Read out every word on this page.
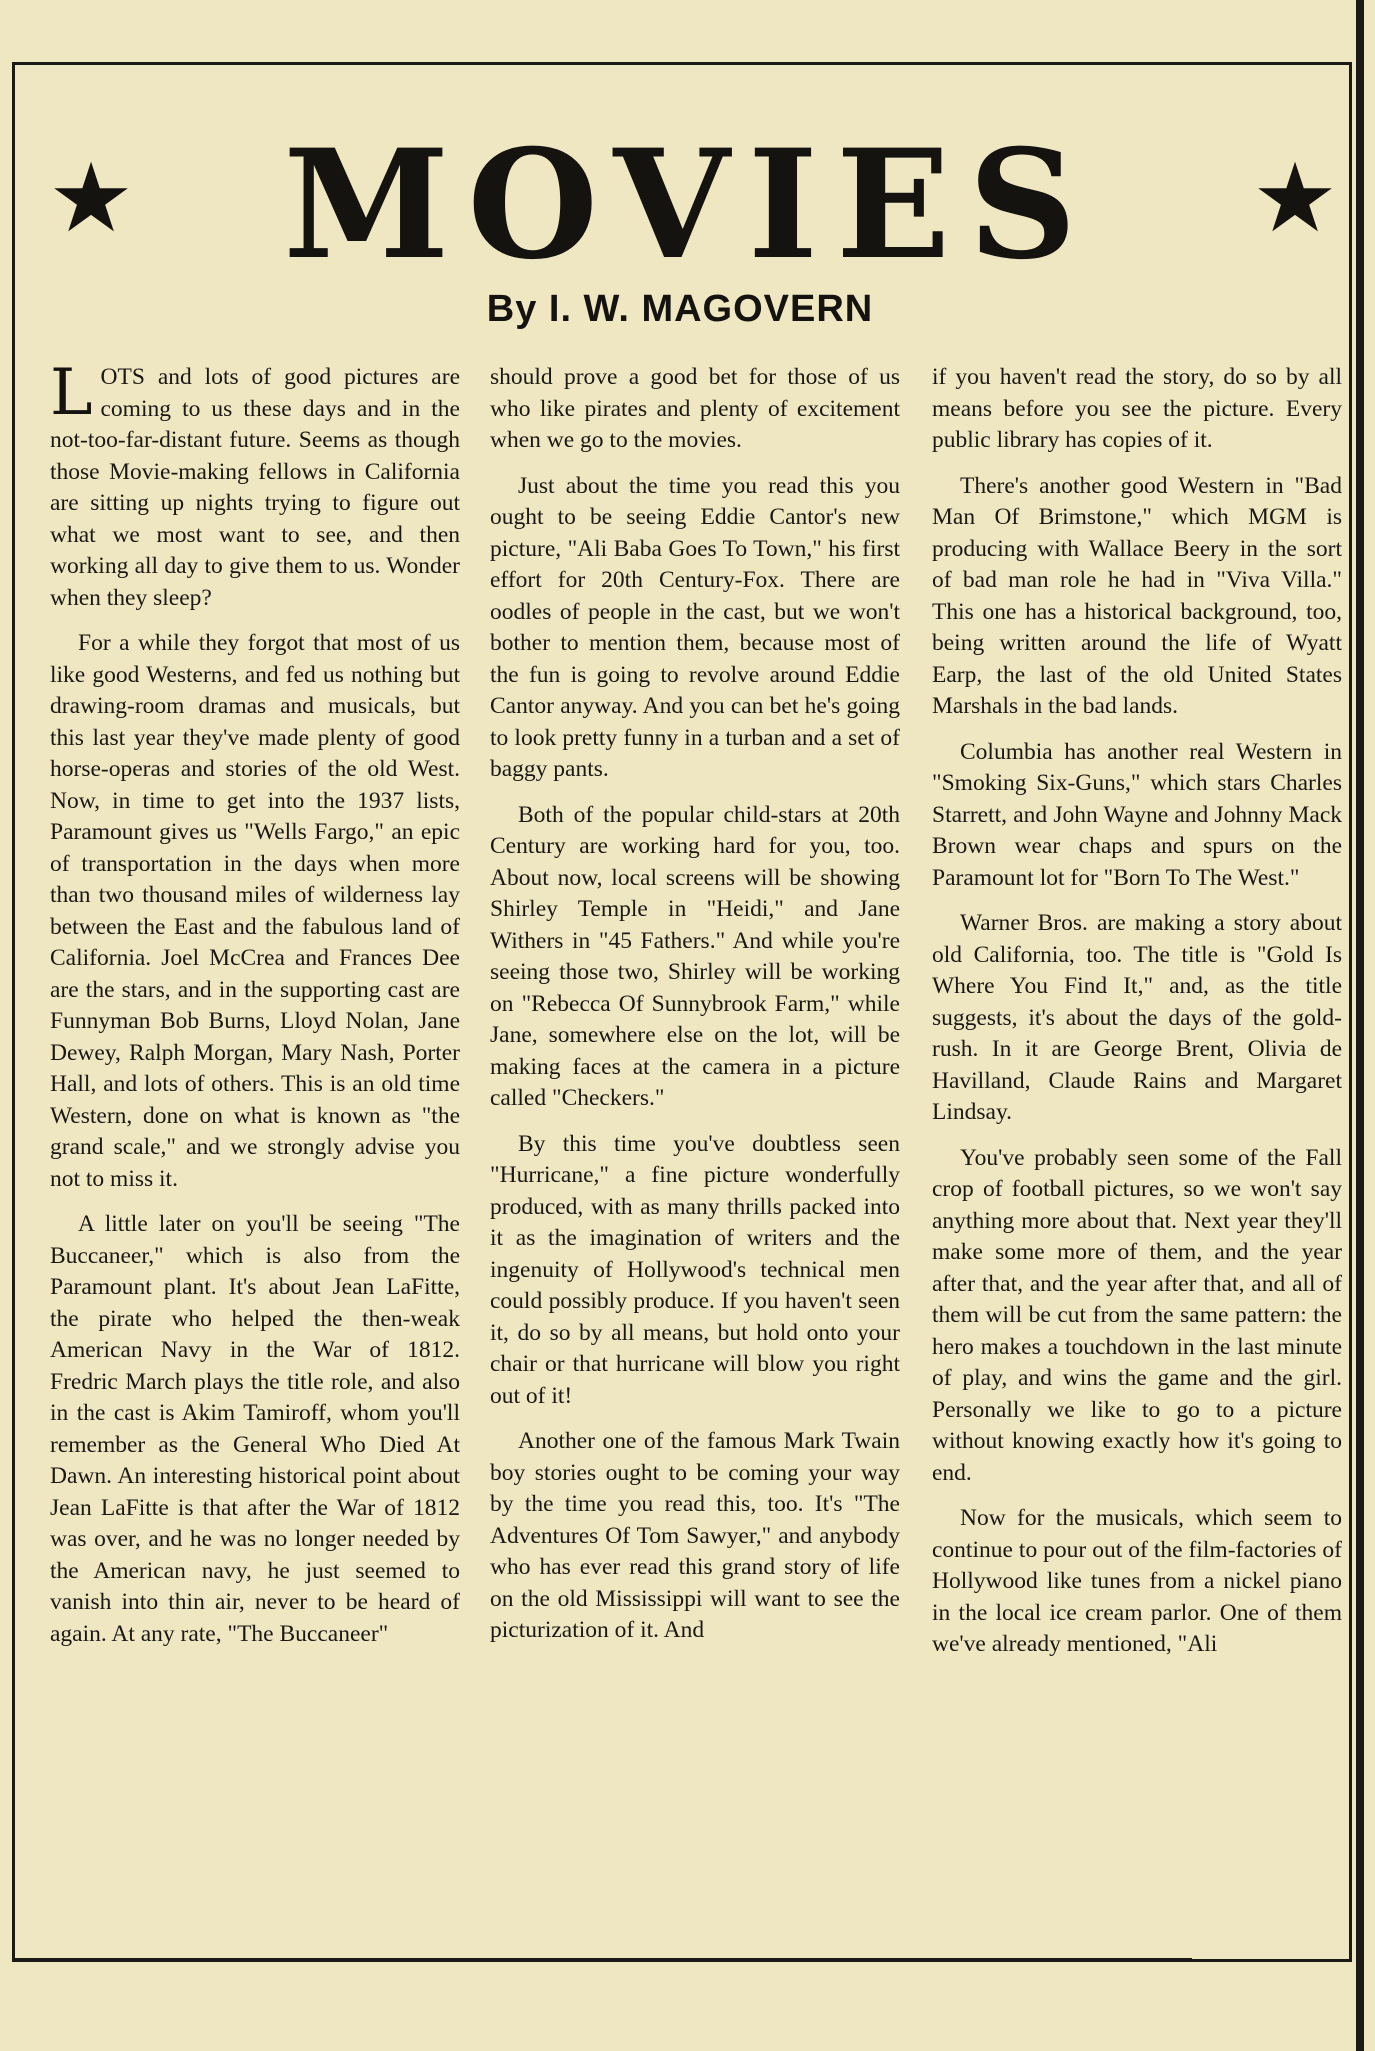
★ MOVIES	★
By I. W. MAGOVERN

LOTS and lots of good pictures are coming to us these days and in the not-too-far-distant future. Seems as though those Movie-making fellows in California are sitting up nights trying to figure out what we most want to see, and then working all day to give them to us. Wonder when they sleep?

For a while they forgot that most of us like good Westerns, and fed us nothing but drawing-room dramas and musicals, but this last year they've made plenty of good horse-operas and stories of the old West. Now, in time to get into the 1937 lists, Paramount gives us "Wells Fargo," an epic of transportation in the days when more than two thousand miles of wilderness lay between the East and the fabulous land of California. Joel McCrea and Frances Dee are the stars, and in the supporting cast are Funnyman Bob Burns, Lloyd Nolan, Jane Dewey, Ralph Morgan, Mary Nash, Porter Hall, and lots of others. This is an old time Western, done on what is known as "the grand scale," and we strongly advise you not to miss it.

A little later on you'll be seeing "The Buccaneer," which is also from the Paramount plant. It's about Jean LaFitte, the pirate who helped the then-weak American Navy in the War of 1812. Fredric March plays the title role, and also in the cast is Akim Tamiroff, whom you'll remember as the General Who Died At Dawn. An interesting historical point about Jean LaFitte is that after the War of 1812 was over, and he was no longer needed by the American navy, he just seemed to vanish into thin air, never to be heard of again. At any rate, "The Buccaneer"

should prove a good bet for those of us who like pirates and plenty of excitement when we go to the movies.

Just about the time you read this you ought to be seeing Eddie Cantor's new picture, "Ali Baba Goes To Town," his first effort for 20th Century-Fox. There are oodles of people in the cast, but we won't bother to mention them, because most of the fun is going to revolve around Eddie Cantor anyway. And you can bet he's going to look pretty funny in a turban and a set of baggy pants.

Both of the popular child-stars at 20th Century are working hard for you, too. About now, local screens will be showing Shirley Temple in "Heidi," and Jane Withers in "45 Fathers." And while you're seeing those two, Shirley will be working on "Rebecca Of Sunnybrook Farm," while Jane, somewhere else on the lot, will be making faces at the camera in a picture called "Checkers."

By this time you've doubtless seen "Hurricane," a fine picture wonderfully produced, with as many thrills packed into it as the imagination of writers and the ingenuity of Hollywood's technical men could possibly produce. If you haven't seen it, do so by all means, but hold onto your chair or that hurricane will blow you right out of it!

Another one of the famous Mark Twain boy stories ought to be coming your way by the time you read this, too. It's "The Adventures Of Tom Sawyer," and anybody who has ever read this grand story of life on the old Mississippi will want to see the picturization of it. And

if you haven't read the story, do so by all means before you see the picture. Every public library has copies of it.

There's another good Western in "Bad Man Of Brimstone," which MGM is producing with Wallace Beery in the sort of bad man role he had in "Viva Villa." This one has a historical background, too, being written around the life of Wyatt Earp, the last of the old United States Marshals in the bad lands.

Columbia has another real Western in "Smoking Six-Guns," which stars Charles Starrett, and John Wayne and Johnny Mack Brown wear chaps and spurs on the Paramount lot for "Born To The West."

Warner Bros. are making a story about old California, too. The title is "Gold Is Where You Find It," and, as the title suggests, it's about the days of the gold-rush. In it are George Brent, Olivia de Havilland, Claude Rains and Margaret Lindsay.

You've probably seen some of the Fall crop of football pictures, so we won't say anything more about that. Next year they'll make some more of them, and the year after that, and the year after that, and all of them will be cut from the same pattern: the hero makes a touchdown in the last minute of play, and wins the game and the girl. Personally we like to go to a picture without knowing exactly how it's going to end.

Now for the musicals, which seem to continue to pour out of the film-factories of Hollywood like tunes from a nickel piano in the local ice cream parlor. One of them we've already mentioned, "Ali
